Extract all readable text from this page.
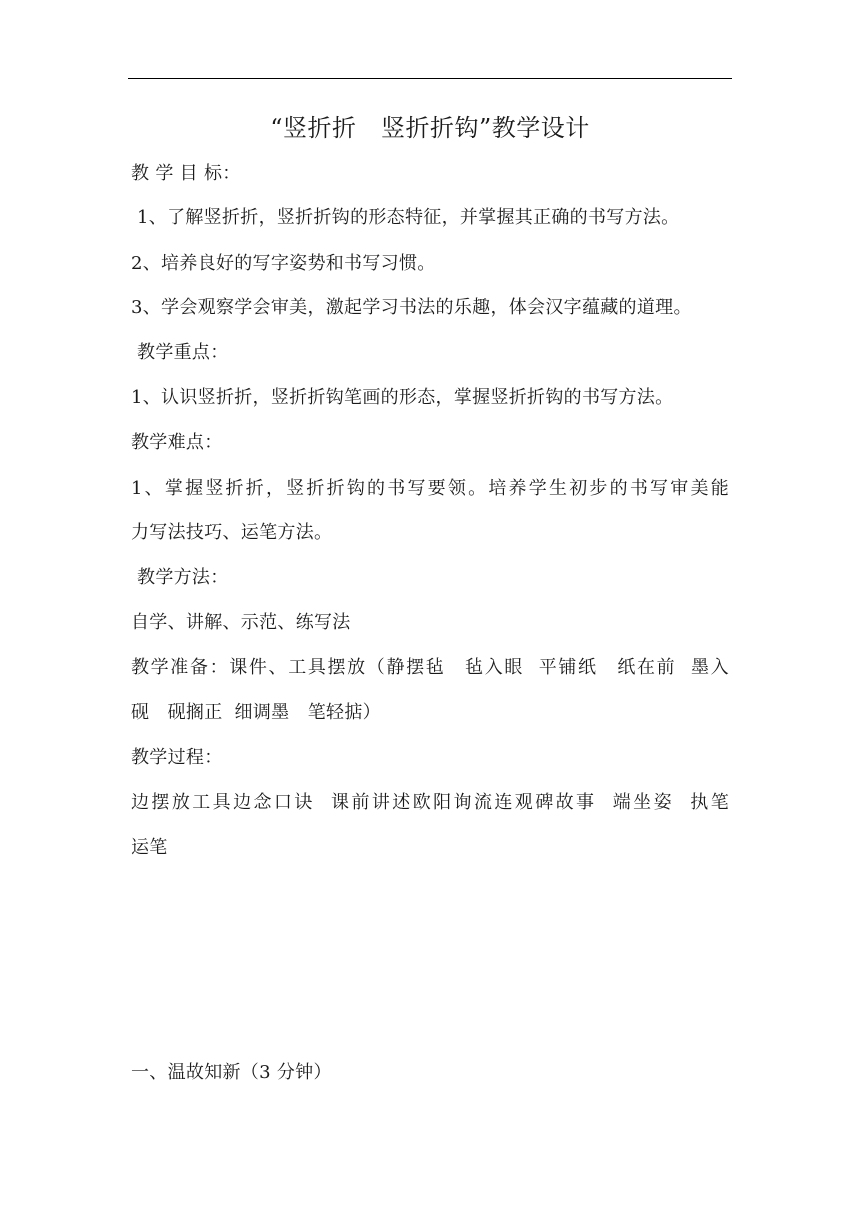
“竖折折　竖折折钩”教学设计
教 学 目 标：
1、了解竖折折，竖折折钩的形态特征，并掌握其正确的书写方法。
2、培养良好的写字姿势和书写习惯。
3、学会观察学会审美，激起学习书法的乐趣，体会汉字蕴藏的道理。
教学重点：
1、认识竖折折，竖折折钩笔画的形态，掌握竖折折钩的书写方法。
教学难点：
1、掌握竖折折，竖折折钩的书写要领。培养学生初步的书写审美能
力写法技巧、运笔方法。
教学方法：
自学、讲解、示范、练写法
教学准备：课件、工具摆放（静摆毡　毡入眼  平铺纸　纸在前  墨入
砚　砚搁正  细调墨　笔轻掂）
教学过程：
边摆放工具边念口诀  课前讲述欧阳询流连观碑故事  端坐姿  执笔
运笔
一、温故知新（3 分钟）
